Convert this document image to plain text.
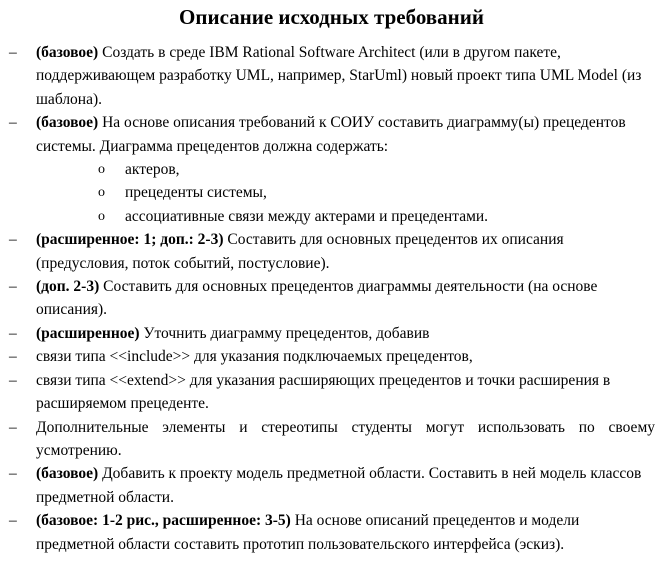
Описание исходных требований
– (базовое) Создать в среде IBM Rational Software Architect (или в другом пакете, поддерживающем разработку UML, например, StarUml) новый проект типа UML Model (из шаблона).
– (базовое) На основе описания требований к СОИУ составить диаграмму(ы) прецедентов системы. Диаграмма прецедентов должна содержать:
o актеров,
o прецеденты системы,
o ассоциативные связи между актерами и прецедентами.
– (расширенное: 1; доп.: 2-3) Составить для основных прецедентов их описания (предусловия, поток событий, постусловие).
– (доп. 2-3) Составить для основных прецедентов диаграммы деятельности (на основе описания).
– (расширенное) Уточнить диаграмму прецедентов, добавив
– связи типа <<include>> для указания подключаемых прецедентов,
– связи типа <<extend>> для указания расширяющих прецедентов и точки расширения в расширяемом прецеденте.
– Дополнительные элементы и стереотипы студенты могут использовать по своему усмотрению.
– (базовое) Добавить к проекту модель предметной области. Составить в ней модель классов предметной области.
– (базовое: 1-2 рис., расширенное: 3-5) На основе описаний прецедентов и модели предметной области составить прототип пользовательского интерфейса (эскиз).
